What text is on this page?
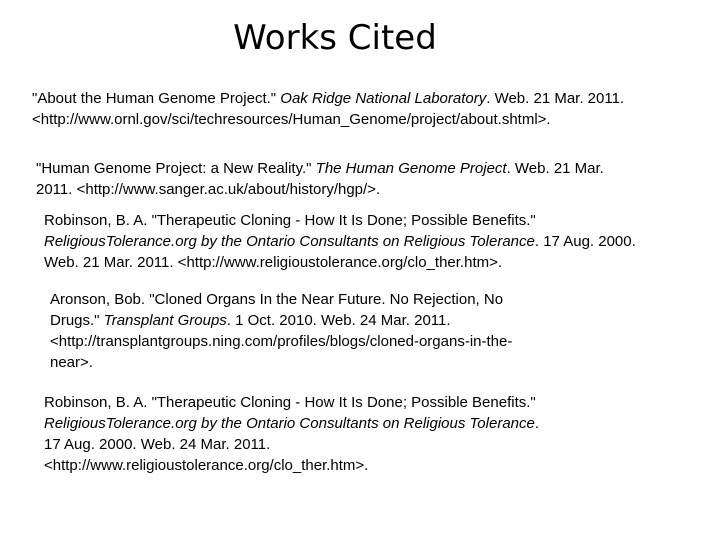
Works Cited

"About the Human Genome Project." Oak Ridge National Laboratory. Web. 21 Mar. 2011.
<http://www.ornl.gov/sci/techresources/Human_Genome/project/about.shtml>.

"Human Genome Project: a New Reality." The Human Genome Project. Web. 21 Mar.
2011. <http://www.sanger.ac.uk/about/history/hgp/>.

Robinson, B. A. "Therapeutic Cloning - How It Is Done; Possible Benefits."
ReligiousTolerance.org by the Ontario Consultants on Religious Tolerance. 17 Aug. 2000.
Web. 21 Mar. 2011. <http://www.religioustolerance.org/clo_ther.htm>.

Aronson, Bob. "Cloned Organs In the Near Future. No Rejection, No
Drugs." Transplant Groups. 1 Oct. 2010. Web. 24 Mar. 2011.
<http://transplantgroups.ning.com/profiles/blogs/cloned-organs-in-the-
near>.

Robinson, B. A. "Therapeutic Cloning - How It Is Done; Possible Benefits."
ReligiousTolerance.org by the Ontario Consultants on Religious Tolerance.
17 Aug. 2000. Web. 24 Mar. 2011.
<http://www.religioustolerance.org/clo_ther.htm>.
